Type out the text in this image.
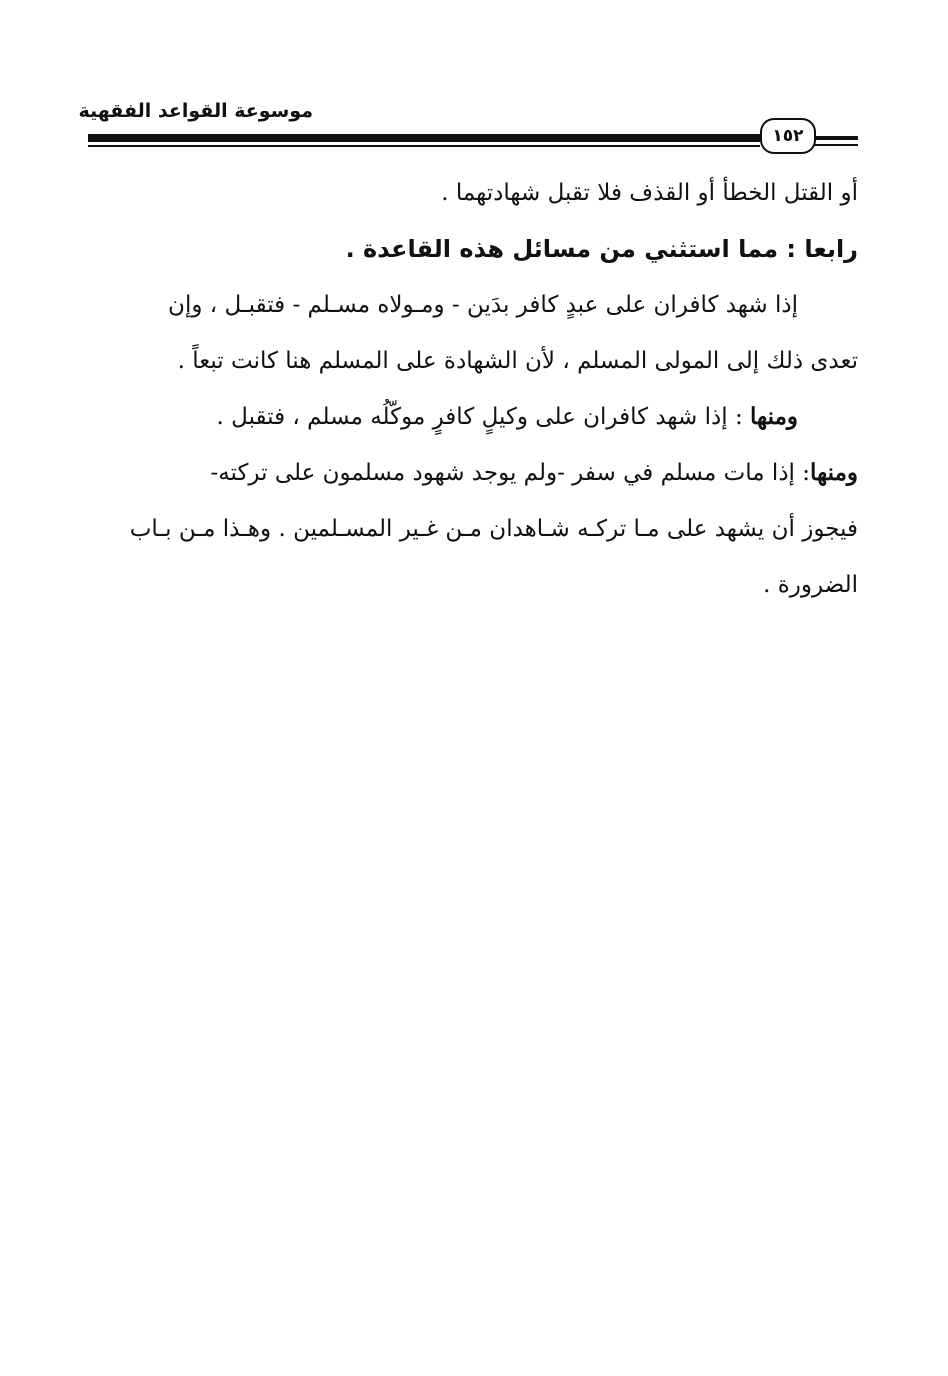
موسوعة القواعد الفقهية
١٥٢
أو القتل الخطأ أو القذف فلا تقبل شهادتهما .
رابعا : مما استثني من مسائل هذه القاعدة .
إذا شهد كافران على عبدٍ كافر بدَين - ومـولاه مسـلم - فتقبـل ، وإن
تعدى ذلك إلى المولى المسلم ، لأن الشهادة على المسلم هنا كانت تبعاً .
ومنها : إذا شهد كافران على وكيلٍ كافرٍ موكّلُه مسلم ، فتقبل .
ومنها: إذا مات مسلم في سفر -ولم يوجد شهود مسلمون على تركته-
فيجوز أن يشهد على مـا تركـه شـاهدان مـن غـير المسـلمين . وهـذا مـن بـاب
الضرورة .
